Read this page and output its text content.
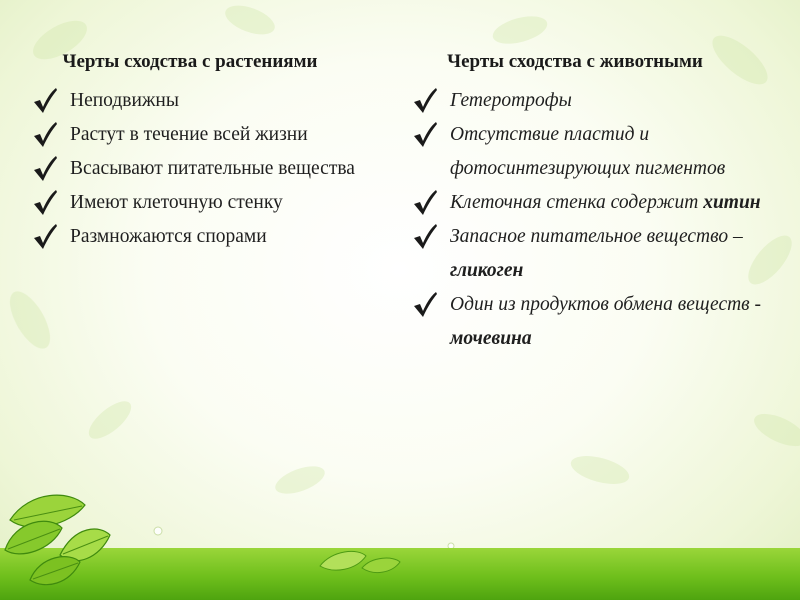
Черты сходства с растениями
Неподвижны
Растут в течение всей жизни
Всасывают питательные вещества
Имеют клеточную стенку
Размножаются спорами
Черты сходства с животными
Гетеротрофы
Отсутствие пластид и фотосинтезирующих пигментов
Клеточная стенка содержит хитин
Запасное питательное вещество – гликоген
Один из продуктов обмена веществ - мочевина
